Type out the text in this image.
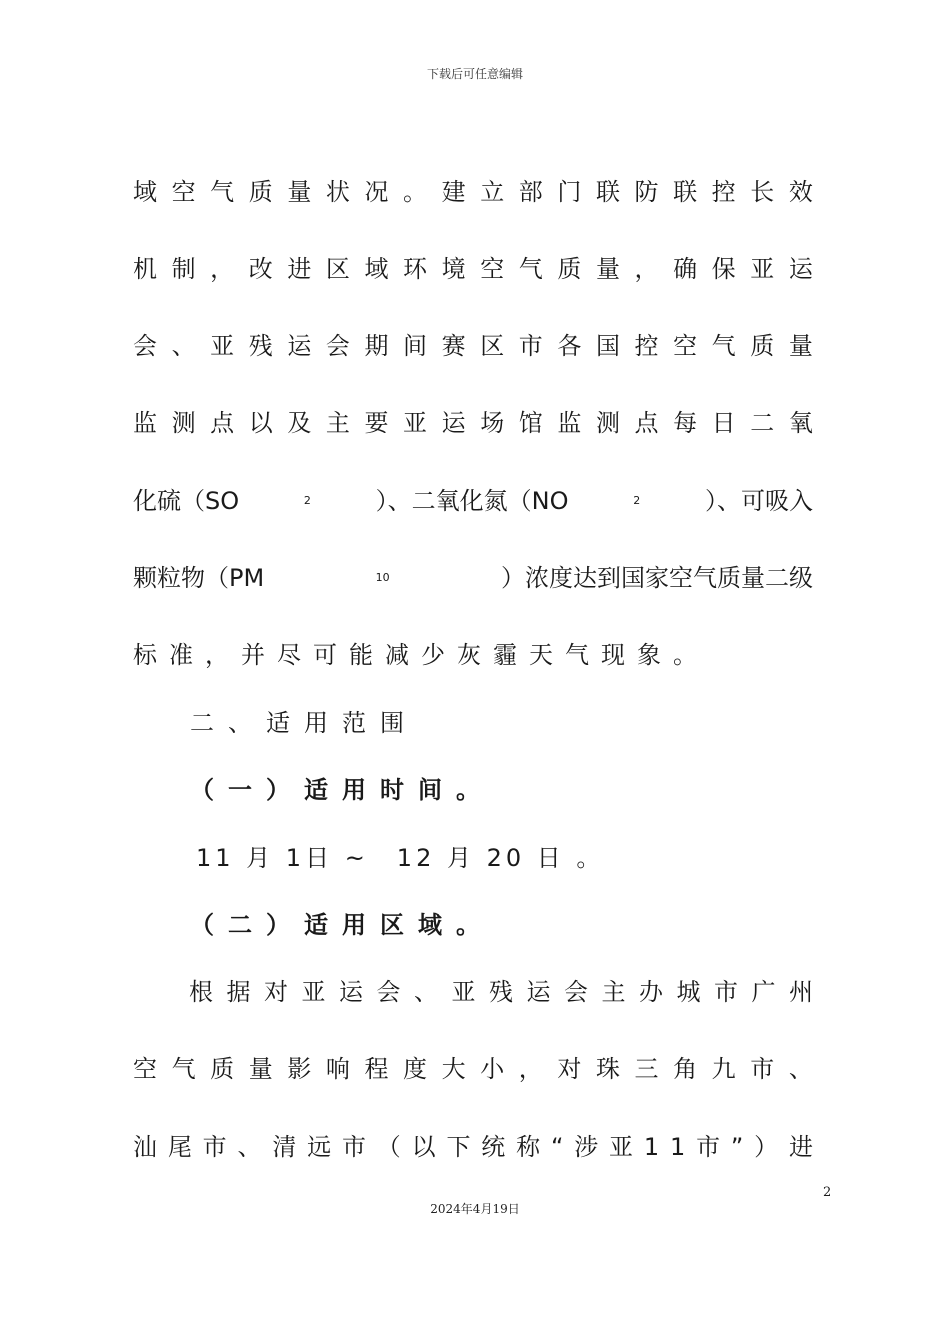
下载后可任意编辑
域 空 气 质 量 状 况 。 建 立 部 门 联 防 联 控 长 效
机 制 ， 改 进 区 域 环 境 空 气 质 量 ， 确 保 亚 运
会 、 亚 残 运 会 期 间 赛 区 市 各 国 控 空 气 质 量
监 测 点 以 及 主 要 亚 运 场 馆 监 测 点 每 日 二 氧
化硫（SO	2	）、二氧化氮（NO	2	）、可吸入
颗粒物（PM	10	）浓度达到国家空气质量二级
标准，并尽可能减少灰霾天气现象。
二、适用范围
（一）适用时间。
11 月 1日 ~　12 月 20 日 。
（二）适用区域。
根 据 对 亚 运 会 、 亚 残 运 会 主 办 城 市 广 州
空 气 质 量 影 响 程 度 大 小 ， 对 珠 三 角 九 市 、
汕 尾 市 、 清 远 市 （ 以 下 统 称 “ 涉 亚 1 1 市 ” ） 进
2
2024年4月19日
